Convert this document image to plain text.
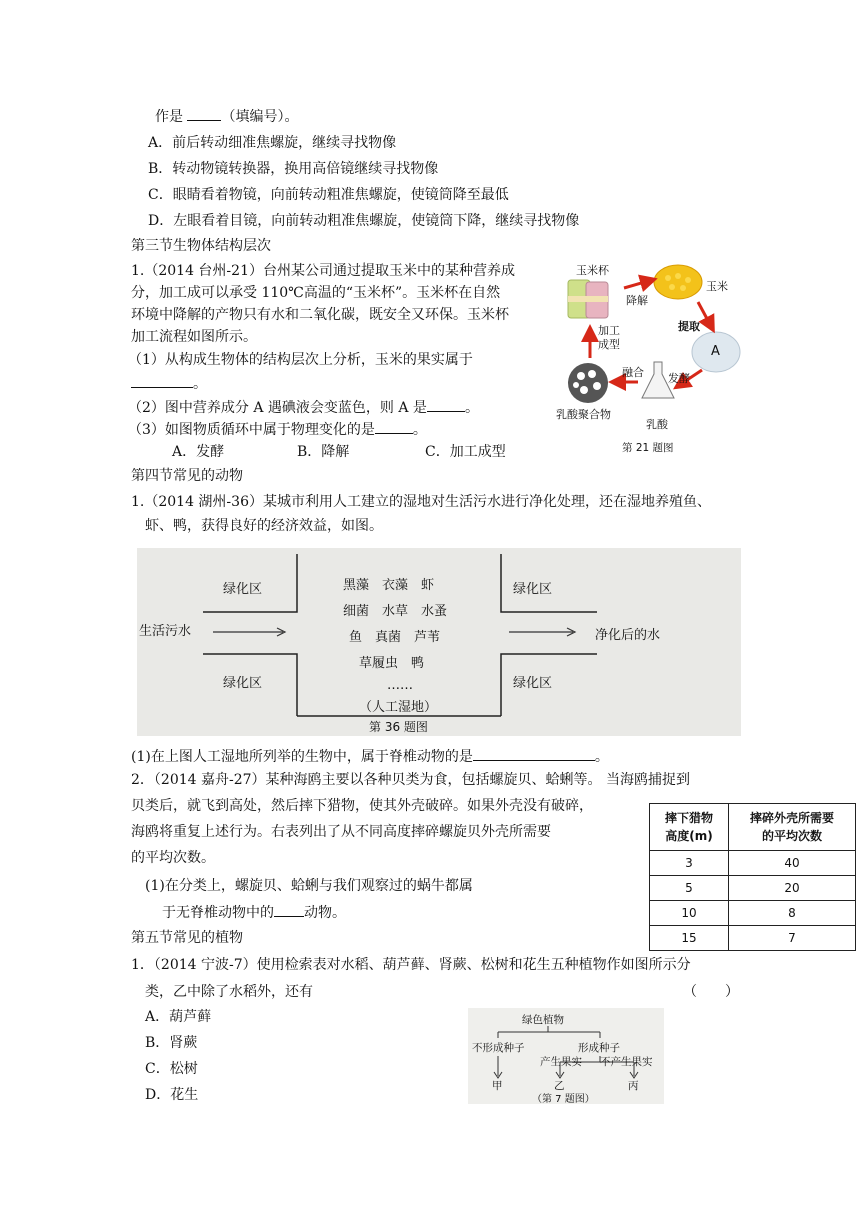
作是	（填编号）。
A．前后转动细准焦螺旋，继续寻找物像
B．转动物镜转换器，换用高倍镜继续寻找物像
C．眼睛看着物镜，向前转动粗准焦螺旋，使镜筒降至最低
D．左眼看着目镜，向前转动粗准焦螺旋，使镜筒下降，继续寻找物像
第三节生物体结构层次
1.（2014 台州-21）台州某公司通过提取玉米中的某种营养成
分，加工成可以承受 110℃高温的“玉米杯”。玉米杯在自然
环境中降解的产物只有水和二氧化碳，既安全又环保。玉米杯
加工流程如图所示。
（1）从构成生物体的结构层次上分析，玉米的果实属于
。
（2）图中营养成分 A 遇碘液会变蓝色，则 A 是	。
（3）如图物质循环中属于物理变化的是	。
A．发酵	B．降解	C．加工成型
玉米杯
降解
玉米
提取
A
加工
成型
融合 发酵
乳酸聚合物
乳酸
第 21 题图
第四节常见的动物
1.（2014 湖州-36）某城市利用人工建立的湿地对生活污水进行净化处理，还在湿地养殖鱼、
虾、鸭，获得良好的经济效益，如图。
绿化区	绿化区
绿化区	绿化区
生活污水	净化后的水
黑藻　衣藻　虾
细菌　水草　水蚤
鱼　真菌　芦苇
草履虫　鸭
……
（人工湿地）
第 36 题图
(1)在上图人工湿地所列举的生物中，属于脊椎动物的是	。
2．（2014 嘉舟-27）某种海鸥主要以各种贝类为食，包括螺旋贝、蛤蜊等。 当海鸥捕捉到
贝类后，就飞到高处，然后摔下猎物，使其外壳破碎。如果外壳没有破碎，
海鸥将重复上述行为。右表列出了从不同高度摔碎螺旋贝外壳所需要
的平均次数。
(1)在分类上，螺旋贝、蛤蜊与我们观察过的蜗牛都属
于无脊椎动物中的 动物。
摔下猎物
高度(m)	摔碎外壳所需要
的平均次数
3	40
5	20
10	8
15	7
第五节常见的植物
1．（2014 宁波-7）使用检索表对水稻、葫芦藓、肾蕨、松树和花生五种植物作如图所示分
类，乙中除了水稻外，还有	（　　）
A．葫芦藓
B．肾蕨
C．松树
D．花生
绿色植物
不形成种子	形成种子
产生果实 不产生果实
甲	乙	丙
（第 7 题图）
